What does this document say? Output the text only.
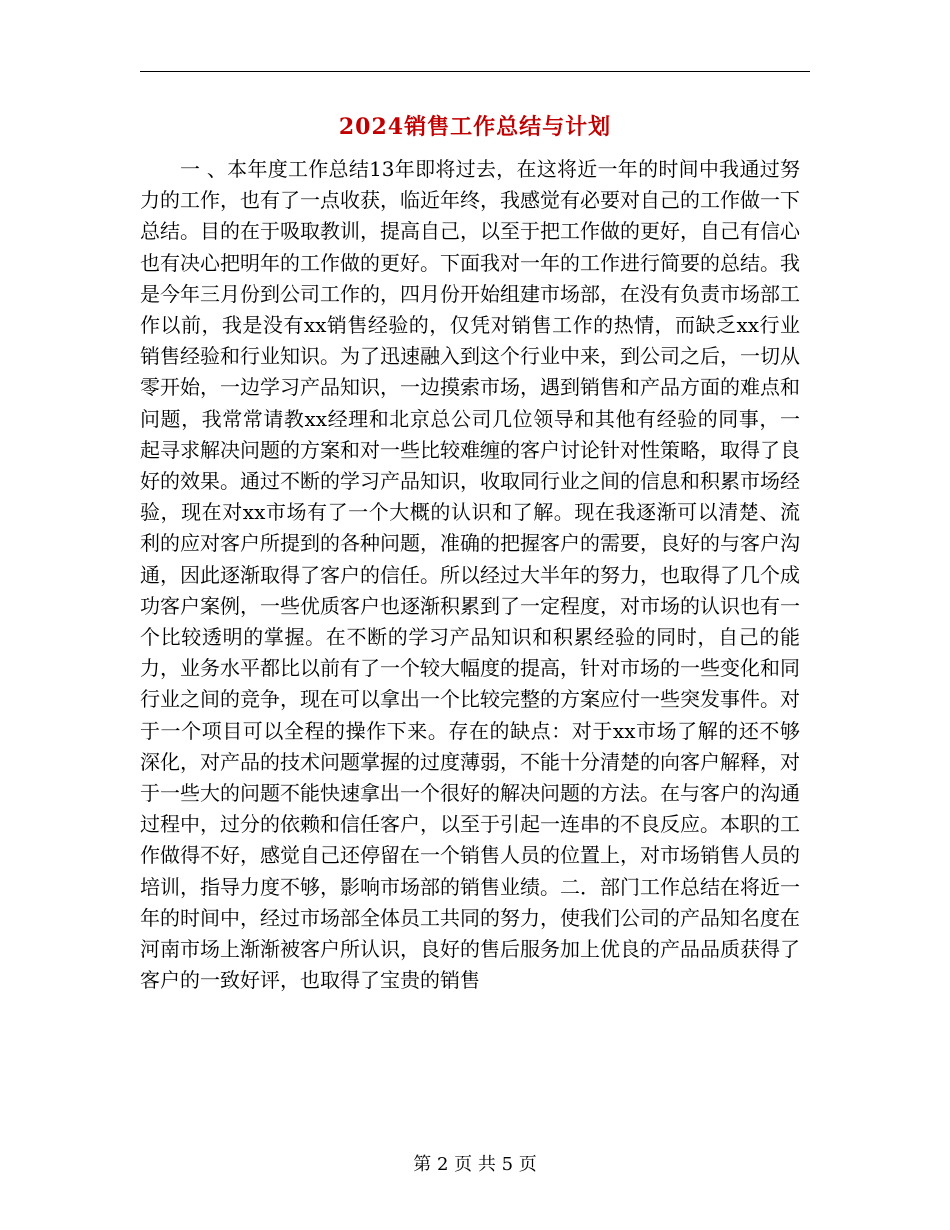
2024销售工作总结与计划

一 、本年度工作总结13年即将过去，在这将近一年的时间中我通过努力的工作，也有了一点收获，临近年终，我感觉有必要对自己的工作做一下总结。目的在于吸取教训，提高自己，以至于把工作做的更好，自己有信心也有决心把明年的工作做的更好。下面我对一年的工作进行简要的总结。我是今年三月份到公司工作的，四月份开始组建市场部，在没有负责市场部工作以前，我是没有xx销售经验的，仅凭对销售工作的热情，而缺乏xx行业销售经验和行业知识。为了迅速融入到这个行业中来，到公司之后，一切从零开始，一边学习产品知识，一边摸索市场，遇到销售和产品方面的难点和问题，我常常请教xx经理和北京总公司几位领导和其他有经验的同事，一起寻求解决问题的方案和对一些比较难缠的客户讨论针对性策略，取得了良好的效果。通过不断的学习产品知识，收取同行业之间的信息和积累市场经验，现在对xx市场有了一个大概的认识和了解。现在我逐渐可以清楚、流利的应对客户所提到的各种问题，准确的把握客户的需要，良好的与客户沟通，因此逐渐取得了客户的信任。所以经过大半年的努力，也取得了几个成功客户案例，一些优质客户也逐渐积累到了一定程度，对市场的认识也有一个比较透明的掌握。在不断的学习产品知识和积累经验的同时，自己的能力，业务水平都比以前有了一个较大幅度的提高，针对市场的一些变化和同行业之间的竞争，现在可以拿出一个比较完整的方案应付一些突发事件。对于一个项目可以全程的操作下来。存在的缺点：对于xx市场了解的还不够深化，对产品的技术问题掌握的过度薄弱，不能十分清楚的向客户解释，对于一些大的问题不能快速拿出一个很好的解决问题的方法。在与客户的沟通过程中，过分的依赖和信任客户，以至于引起一连串的不良反应。本职的工作做得不好，感觉自己还停留在一个销售人员的位置上，对市场销售人员的培训，指导力度不够，影响市场部的销售业绩。二．部门工作总结在将近一年的时间中，经过市场部全体员工共同的努力，使我们公司的产品知名度在河南市场上渐渐被客户所认识，良好的售后服务加上优良的产品品质获得了客户的一致好评，也取得了宝贵的销售

第 2 页 共 5 页
